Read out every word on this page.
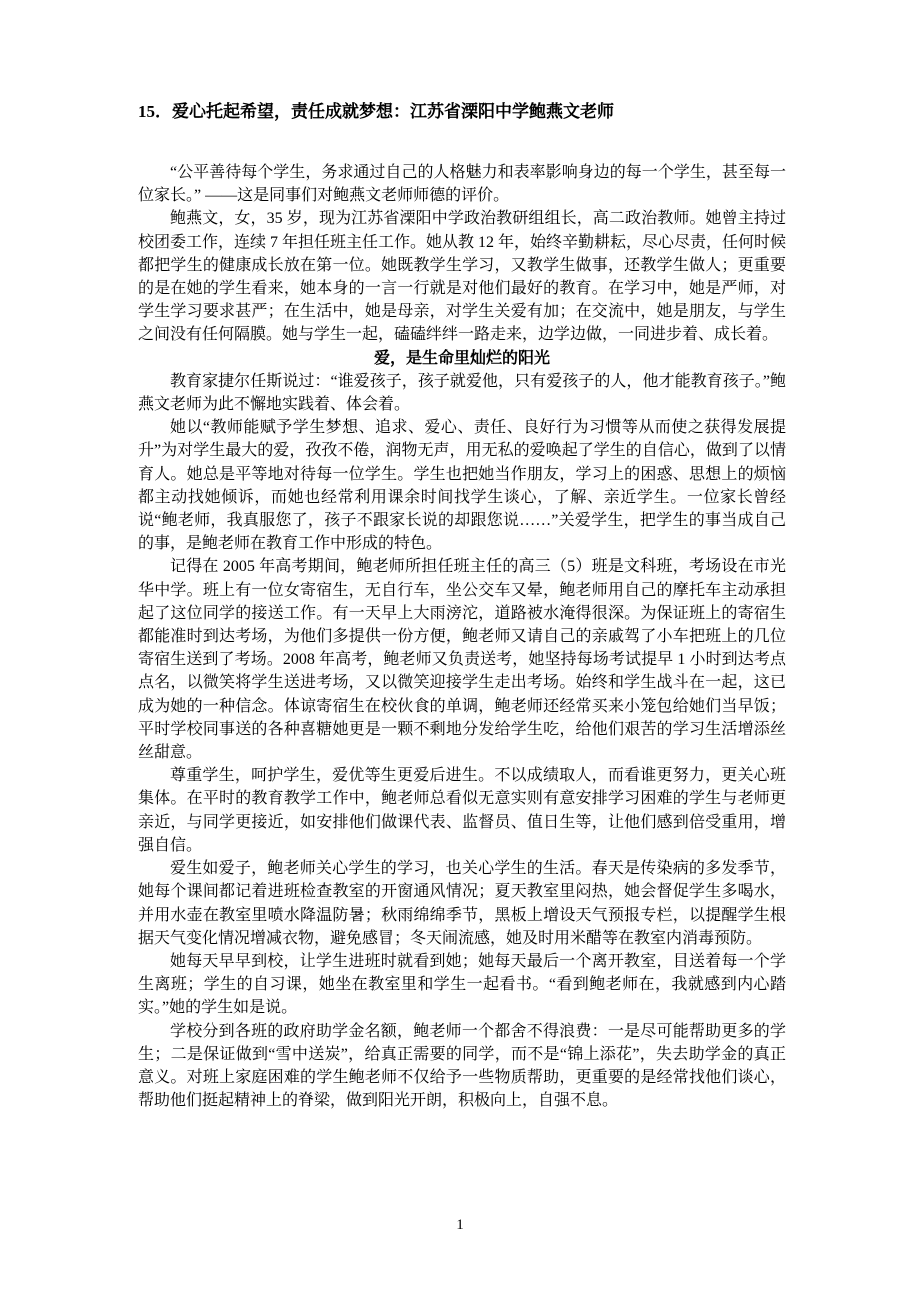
15．爱心托起希望，责任成就梦想：江苏省溧阳中学鲍燕文老师

“公平善待每个学生，务求通过自己的人格魅力和表率影响身边的每一个学生，甚至每一位家长。” ——这是同事们对鲍燕文老师师德的评价。

鲍燕文，女，35 岁，现为江苏省溧阳中学政治教研组组长，高二政治教师。她曾主持过校团委工作，连续 7 年担任班主任工作。她从教 12 年，始终辛勤耕耘，尽心尽责，任何时候都把学生的健康成长放在第一位。她既教学生学习，又教学生做事，还教学生做人；更重要的是在她的学生看来，她本身的一言一行就是对他们最好的教育。在学习中，她是严师，对学生学习要求甚严；在生活中，她是母亲，对学生关爱有加；在交流中，她是朋友，与学生之间没有任何隔膜。她与学生一起，磕磕绊绊一路走来，边学边做，一同进步着、成长着。

爱，是生命里灿烂的阳光

教育家捷尔任斯说过：“谁爱孩子，孩子就爱他，只有爱孩子的人，他才能教育孩子。”鲍燕文老师为此不懈地实践着、体会着。

她以“教师能赋予学生梦想、追求、爱心、责任、良好行为习惯等从而使之获得发展提升”为对学生最大的爱，孜孜不倦，润物无声，用无私的爱唤起了学生的自信心，做到了以情育人。她总是平等地对待每一位学生。学生也把她当作朋友，学习上的困惑、思想上的烦恼都主动找她倾诉，而她也经常利用课余时间找学生谈心，了解、亲近学生。一位家长曾经说“鲍老师，我真服您了，孩子不跟家长说的却跟您说……”关爱学生，把学生的事当成自己的事，是鲍老师在教育工作中形成的特色。

记得在 2005 年高考期间，鲍老师所担任班主任的高三（5）班是文科班，考场设在市光华中学。班上有一位女寄宿生，无自行车，坐公交车又晕，鲍老师用自己的摩托车主动承担起了这位同学的接送工作。有一天早上大雨滂沱，道路被水淹得很深。为保证班上的寄宿生都能准时到达考场，为他们多提供一份方便，鲍老师又请自己的亲戚驾了小车把班上的几位寄宿生送到了考场。2008 年高考，鲍老师又负责送考，她坚持每场考试提早 1 小时到达考点点名，以微笑将学生送进考场，又以微笑迎接学生走出考场。始终和学生战斗在一起，这已成为她的一种信念。体谅寄宿生在校伙食的单调，鲍老师还经常买来小笼包给她们当早饭；平时学校同事送的各种喜糖她更是一颗不剩地分发给学生吃，给他们艰苦的学习生活增添丝丝甜意。

尊重学生，呵护学生，爱优等生更爱后进生。不以成绩取人，而看谁更努力，更关心班集体。在平时的教育教学工作中，鲍老师总看似无意实则有意安排学习困难的学生与老师更亲近，与同学更接近，如安排他们做课代表、监督员、值日生等，让他们感到倍受重用，增强自信。

爱生如爱子，鲍老师关心学生的学习，也关心学生的生活。春天是传染病的多发季节，她每个课间都记着进班检查教室的开窗通风情况；夏天教室里闷热，她会督促学生多喝水，并用水壶在教室里喷水降温防暑；秋雨绵绵季节，黑板上增设天气预报专栏，以提醒学生根据天气变化情况增减衣物，避免感冒；冬天闹流感，她及时用米醋等在教室内消毒预防。

她每天早早到校，让学生进班时就看到她；她每天最后一个离开教室，目送着每一个学生离班；学生的自习课，她坐在教室里和学生一起看书。“看到鲍老师在，我就感到内心踏实。”她的学生如是说。

学校分到各班的政府助学金名额，鲍老师一个都舍不得浪费：一是尽可能帮助更多的学生；二是保证做到“雪中送炭”，给真正需要的同学，而不是“锦上添花”，失去助学金的真正意义。对班上家庭困难的学生鲍老师不仅给予一些物质帮助，更重要的是经常找他们谈心，帮助他们挺起精神上的脊梁，做到阳光开朗，积极向上，自强不息。

1
